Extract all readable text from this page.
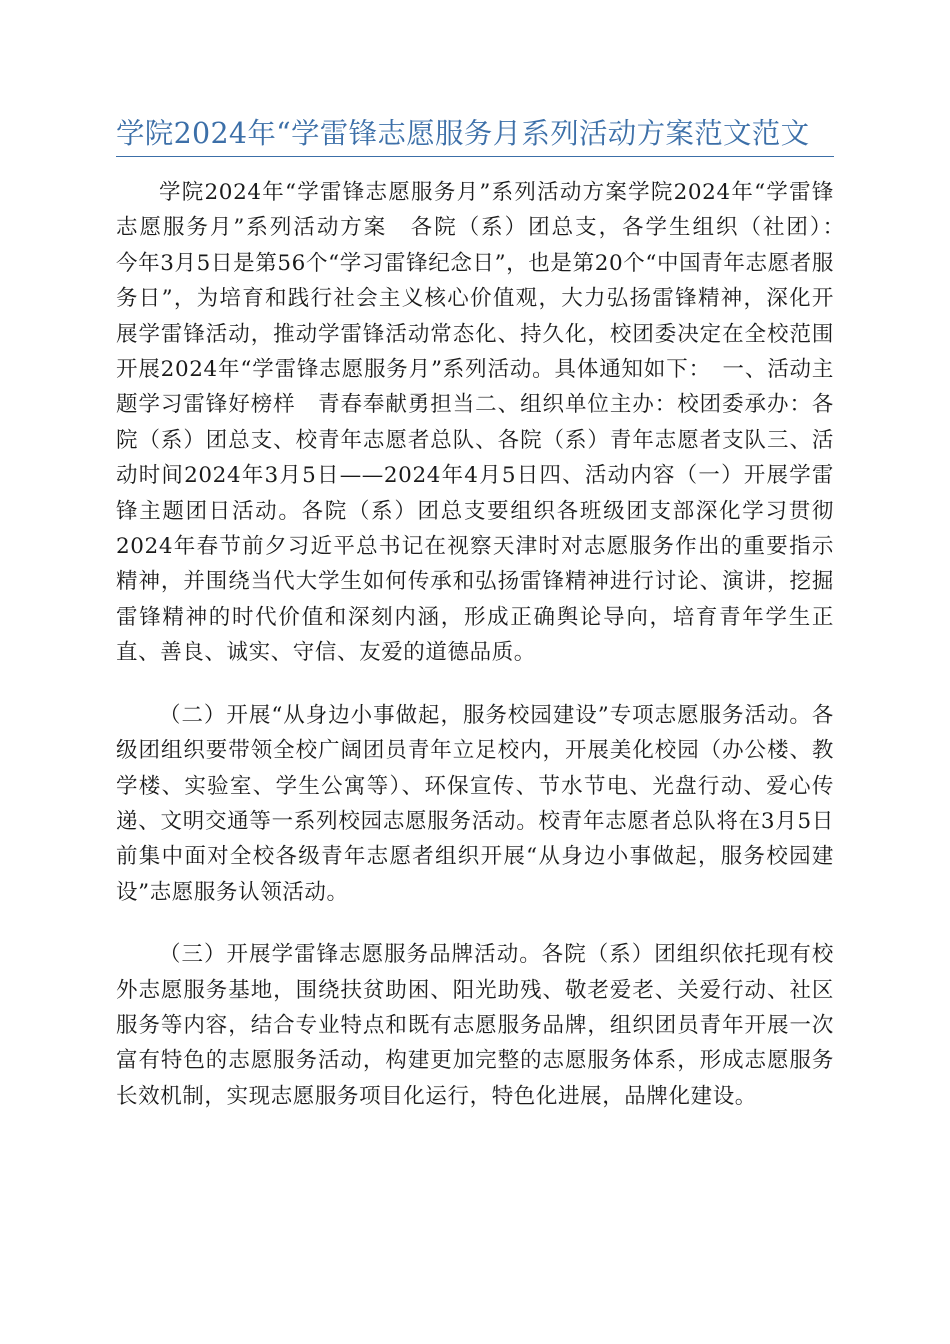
学院2024年“学雷锋志愿服务月系列活动方案范文范文

学院2024年“学雷锋志愿服务月”系列活动方案学院2024年“学雷锋志愿服务月”系列活动方案　各院（系）团总支，各学生组织（社团）：　　今年3月5日是第56个“学习雷锋纪念日”，也是第20个“中国青年志愿者服务日”，为培育和践行社会主义核心价值观，大力弘扬雷锋精神，深化开展学雷锋活动，推动学雷锋活动常态化、持久化，校团委决定在全校范围开展2024年“学雷锋志愿服务月”系列活动。具体通知如下：　一、活动主题学习雷锋好榜样　青春奉献勇担当二、组织单位主办：校团委承办：各院（系）团总支、校青年志愿者总队、各院（系）青年志愿者支队三、活动时间2024年3月5日——2024年4月5日四、活动内容（一）开展学雷锋主题团日活动。各院（系）团总支要组织各班级团支部深化学习贯彻2024年春节前夕习近平总书记在视察天津时对志愿服务作出的重要指示精神，并围绕当代大学生如何传承和弘扬雷锋精神进行讨论、演讲，挖掘雷锋精神的时代价值和深刻内涵，形成正确舆论导向，培育青年学生正直、善良、诚实、守信、友爱的道德品质。

（二）开展“从身边小事做起，服务校园建设”专项志愿服务活动。各级团组织要带领全校广阔团员青年立足校内，开展美化校园（办公楼、教学楼、实验室、学生公寓等）、环保宣传、节水节电、光盘行动、爱心传递、文明交通等一系列校园志愿服务活动。校青年志愿者总队将在3月5日前集中面对全校各级青年志愿者组织开展“从身边小事做起，服务校园建设”志愿服务认领活动。

（三）开展学雷锋志愿服务品牌活动。各院（系）团组织依托现有校外志愿服务基地，围绕扶贫助困、阳光助残、敬老爱老、关爱行动、社区服务等内容，结合专业特点和既有志愿服务品牌，组织团员青年开展一次富有特色的志愿服务活动，构建更加完整的志愿服务体系，形成志愿服务长效机制，实现志愿服务项目化运行，特色化进展，品牌化建设。
